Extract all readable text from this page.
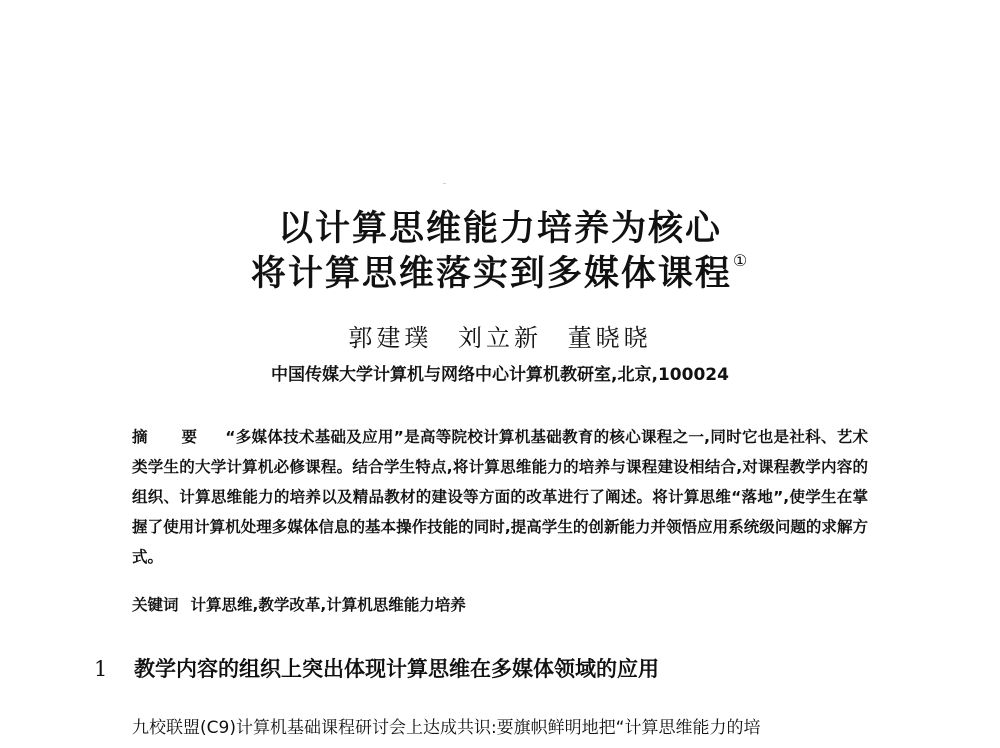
以计算思维能力培养为核心
将计算思维落实到多媒体课程①
郭建璞 刘立新 董晓晓
中国传媒大学计算机与网络中心计算机教研室,北京,100024
摘 要 “多媒体技术基础及应用”是高等院校计算机基础教育的核心课程之一,同时它也是社科、艺术类学生的大学计算机必修课程。结合学生特点,将计算思维能力的培养与课程建设相结合,对课程教学内容的组织、计算思维能力的培养以及精品教材的建设等方面的改革进行了阐述。将计算思维“落地”,使学生在掌握了使用计算机处理多媒体信息的基本操作技能的同时,提高学生的创新能力并领悟应用系统级问题的求解方式。
关键词 计算思维,教学改革,计算机思维能力培养
1 教学内容的组织上突出体现计算思维在多媒体领域的应用
九校联盟(C9)计算机基础课程研讨会上达成共识:要旗帜鲜明地把“计算思维能力的培
